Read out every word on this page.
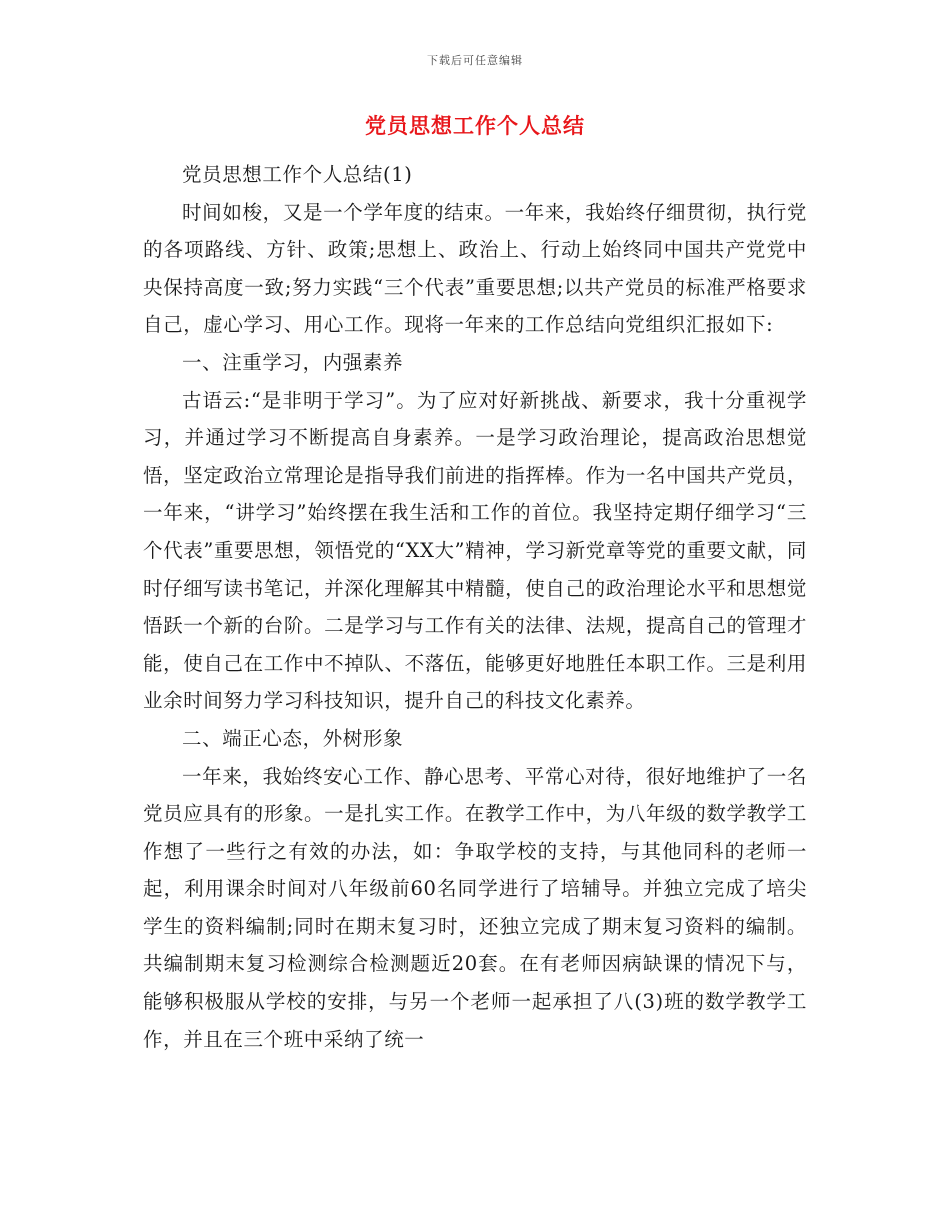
下载后可任意编辑
党员思想工作个人总结

党员思想工作个人总结(1)

时间如梭，又是一个学年度的结束。一年来，我始终仔细贯彻，执行党的各项路线、方针、政策;思想上、政治上、行动上始终同中国共产党党中央保持高度一致;努力实践“三个代表”重要思想;以共产党员的标准严格要求自己，虚心学习、用心工作。现将一年来的工作总结向党组织汇报如下:

一、注重学习，内强素养

古语云:“是非明于学习”。为了应对好新挑战、新要求，我十分重视学习，并通过学习不断提高自身素养。一是学习政治理论，提高政治思想觉悟，坚定政治立常理论是指导我们前进的指挥棒。作为一名中国共产党员，一年来，“讲学习”始终摆在我生活和工作的首位。我坚持定期仔细学习“三个代表”重要思想，领悟党的“XX大”精神，学习新党章等党的重要文献，同时仔细写读书笔记，并深化理解其中精髓，使自己的政治理论水平和思想觉悟跃一个新的台阶。二是学习与工作有关的法律、法规，提高自己的管理才能，使自己在工作中不掉队、不落伍，能够更好地胜任本职工作。三是利用业余时间努力学习科技知识，提升自己的科技文化素养。

二、端正心态，外树形象

一年来，我始终安心工作、静心思考、平常心对待，很好地维护了一名党员应具有的形象。一是扎实工作。在教学工作中，为八年级的数学教学工作想了一些行之有效的办法，如：争取学校的支持，与其他同科的老师一起，利用课余时间对八年级前60名同学进行了培辅导。并独立完成了培尖学生的资料编制;同时在期末复习时，还独立完成了期末复习资料的编制。共编制期末复习检测综合检测题近20套。在有老师因病缺课的情况下与，能够积极服从学校的安排，与另一个老师一起承担了八(3)班的数学教学工作，并且在三个班中采纳了统一
